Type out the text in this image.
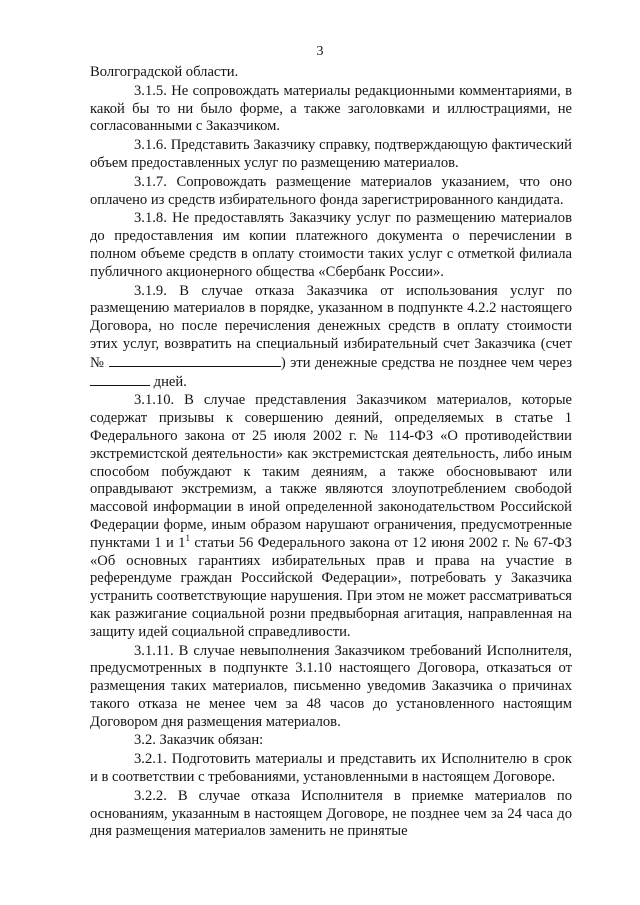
3

Волгоградской области.

3.1.5. Не сопровождать материалы редакционными комментариями, в какой бы то ни было форме, а также заголовками и иллюстрациями, не согласованными с Заказчиком.

3.1.6. Представить Заказчику справку, подтверждающую фактический объем предоставленных услуг по размещению материалов.

3.1.7. Сопровождать размещение материалов указанием, что оно оплачено из средств избирательного фонда зарегистрированного кандидата.

3.1.8. Не предоставлять Заказчику услуг по размещению материалов до предоставления им копии платежного документа о перечислении в полном объеме средств в оплату стоимости таких услуг с отметкой филиала публичного акционерного общества «Сбербанк России».

3.1.9. В случае отказа Заказчика от использования услуг по размещению материалов в порядке, указанном в подпункте 4.2.2 настоящего Договора, но после перечисления денежных средств в оплату стоимости этих услуг, возвратить на специальный избирательный счет Заказчика (счет №	) эти денежные средства не позднее чем через  дней.

3.1.10. В случае представления Заказчиком материалов, которые содержат призывы к совершению деяний, определяемых в статье 1 Федерального закона от 25 июля 2002 г. № 114-ФЗ «О противодействии экстремистской деятельности» как экстремистская деятельность, либо иным способом побуждают к таким деяниям, а также обосновывают или оправдывают экстремизм, а также являются злоупотреблением свободой массовой информации в иной определенной законодательством Российской Федерации форме, иным образом нарушают ограничения, предусмотренные пунктами 1 и $1^1$ статьи 56 Федерального закона от 12 июня 2002 г. № 67-ФЗ «Об основных гарантиях избирательных прав и права на участие в референдуме граждан Российской Федерации», потребовать у Заказчика устранить соответствующие нарушения. При этом не может рассматриваться как разжигание социальной розни предвыборная агитация, направленная на защиту идей социальной справедливости.

3.1.11. В случае невыполнения Заказчиком требований Исполнителя, предусмотренных в подпункте 3.1.10 настоящего Договора, отказаться от размещения таких материалов, письменно уведомив Заказчика о причинах такого отказа не менее чем за 48 часов до установленного настоящим Договором дня размещения материалов.

3.2. Заказчик обязан:

3.2.1. Подготовить материалы и представить их Исполнителю в срок и в соответствии с требованиями, установленными в настоящем Договоре.

3.2.2. В случае отказа Исполнителя в приемке материалов по основаниям, указанным в настоящем Договоре, не позднее чем за 24 часа до дня размещения материалов заменить не принятые
